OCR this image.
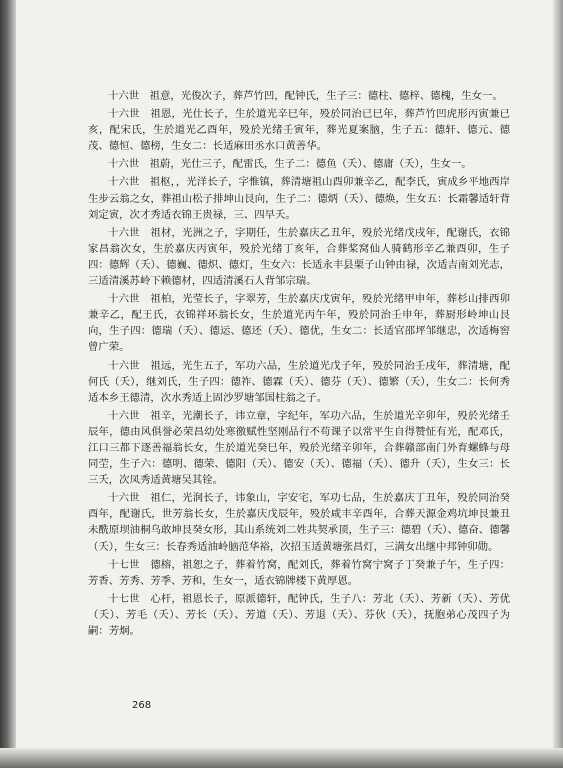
十六世　祖意，光俊次子，葬芦竹凹，配钟氏，生子三：德柱、德梓、德槐，生女一。

十六世　祖恩，光仕长子，生於道光辛巳年，殁於同治已巳年，葬芦竹凹虎形丙寅兼已亥，配宋氏，生於道光乙酉年，殁於光绪壬寅年，葬光夏案脑，生子五：德轩、德元、德茂、德恒、德榜，生女二：长适麻田丞水口黄善华。

十六世　祖蔚，光仕三子，配雷氏，生子二：德鱼（夭）、德庸（夭），生女一。

十六世　祖枢，，光洋长子，字惟镇，葬清塘祖山酉卯兼辛乙，配李氏，寅成乡平地西岸生步云翁之女，葬祖山松子排坤山艮向，生子二：德炳（夭）、德焕，生女五：长霜馨适轩背刘定寅，次才秀适衣锦王贵禄，三、四早夭。

十六世　祖材，光洲之子，字期任，生於嘉庆乙丑年，殁於光绪戊戌年，配谢氏，衣锦家昌翁次女，生於嘉庆丙寅年，殁於光绪丁亥年，合葬桨窝仙人骑鹤形辛乙兼酉卯，生子四：德辉（夭）、德巍、德炽、德灯，生女六：长适永丰县栗子山钟由禄，次适吉南刘光志，三适清溪苏岭下赖德材，四适清溪石人背邹宗瑞。

十六世　祖柏，光莹长子，字翠芳，生於嘉庆戊寅年，殁於光绪甲申年，葬杉山排西卯兼辛乙，配王氏，衣锦祥环翁长女，生於道光丙午年，殁於同治壬申年，葬厨形岭坤山艮向，生子四：德瑞（夭）、德运、德还（夭）、德优，生女二：长适官邵坪邹继忠，次适梅窖曾广荣。

十六世　祖远，光生五子，军功六品，生於道光戊子年，殁於同治壬戌年，葬清塘，配何氏（夭），继刘氏，生子四：德祚、德霖（夭）、德芬（夭）、德繁（夭），生女二：长何秀适本乡王德清，次水秀适上固沙罗塘邹国柱翁之子。

十六世　祖辛，光潮长子，讳立章，字纪年，军功六品，生於道光辛卯年，殁於光绪壬辰年，德由风俱誉必荣昌幼处寒徼赋性坚刚品行不苟课子以常平生自得赞怔有光，配邓氏，江口三都下逐善福翁长女，生於道光癸巳年，殁於光绪辛卯年，合葬赣部南门外育螺蜂与母同茔，生子六：德明、德荣、德阳（夭）、德安（夭）、德福（夭）、德升（夭），生女三：长三夭，次凤秀适黄塘吴其铨。

十六世　祖仁，光润长子，讳象山，字安宅，军功七品，生於嘉庆丁丑年，殁於同治癸酉年，配谢氏，世芳翁长女，生於嘉庆戊辰年，殁於咸丰辛酉年，合葬天源金鸡坑坤艮兼丑未酰原坝油桐乌敢坤艮癸女形，其山系统刘二姓共契承顶，生子三：德碧（夭）、德奋、德馨（夭），生女三：长春秀适油岭脑范华裕，次招玉适黄塘张昌灯，三满女出继中邦钟卯勋。

十七世　德榕，祖恕之子，葬着竹窝，配刘氏，葬着竹窝宁窝子丁癸兼子午，生子四：芳香、芳秀、芳季、芳和，生女一，适衣锦牌楼下黄厚恩。

十七世　心杆，祖恩长子，原派德轩，配钟氏，生子八：芳北（夭）、芳新（夭）、芳优（夭）、芳毛（夭）、芳长（夭）、芳道（夭）、芳退（夭）、芬伙（夭），抚胞弟心茂四子为嗣：芳炯。

268
